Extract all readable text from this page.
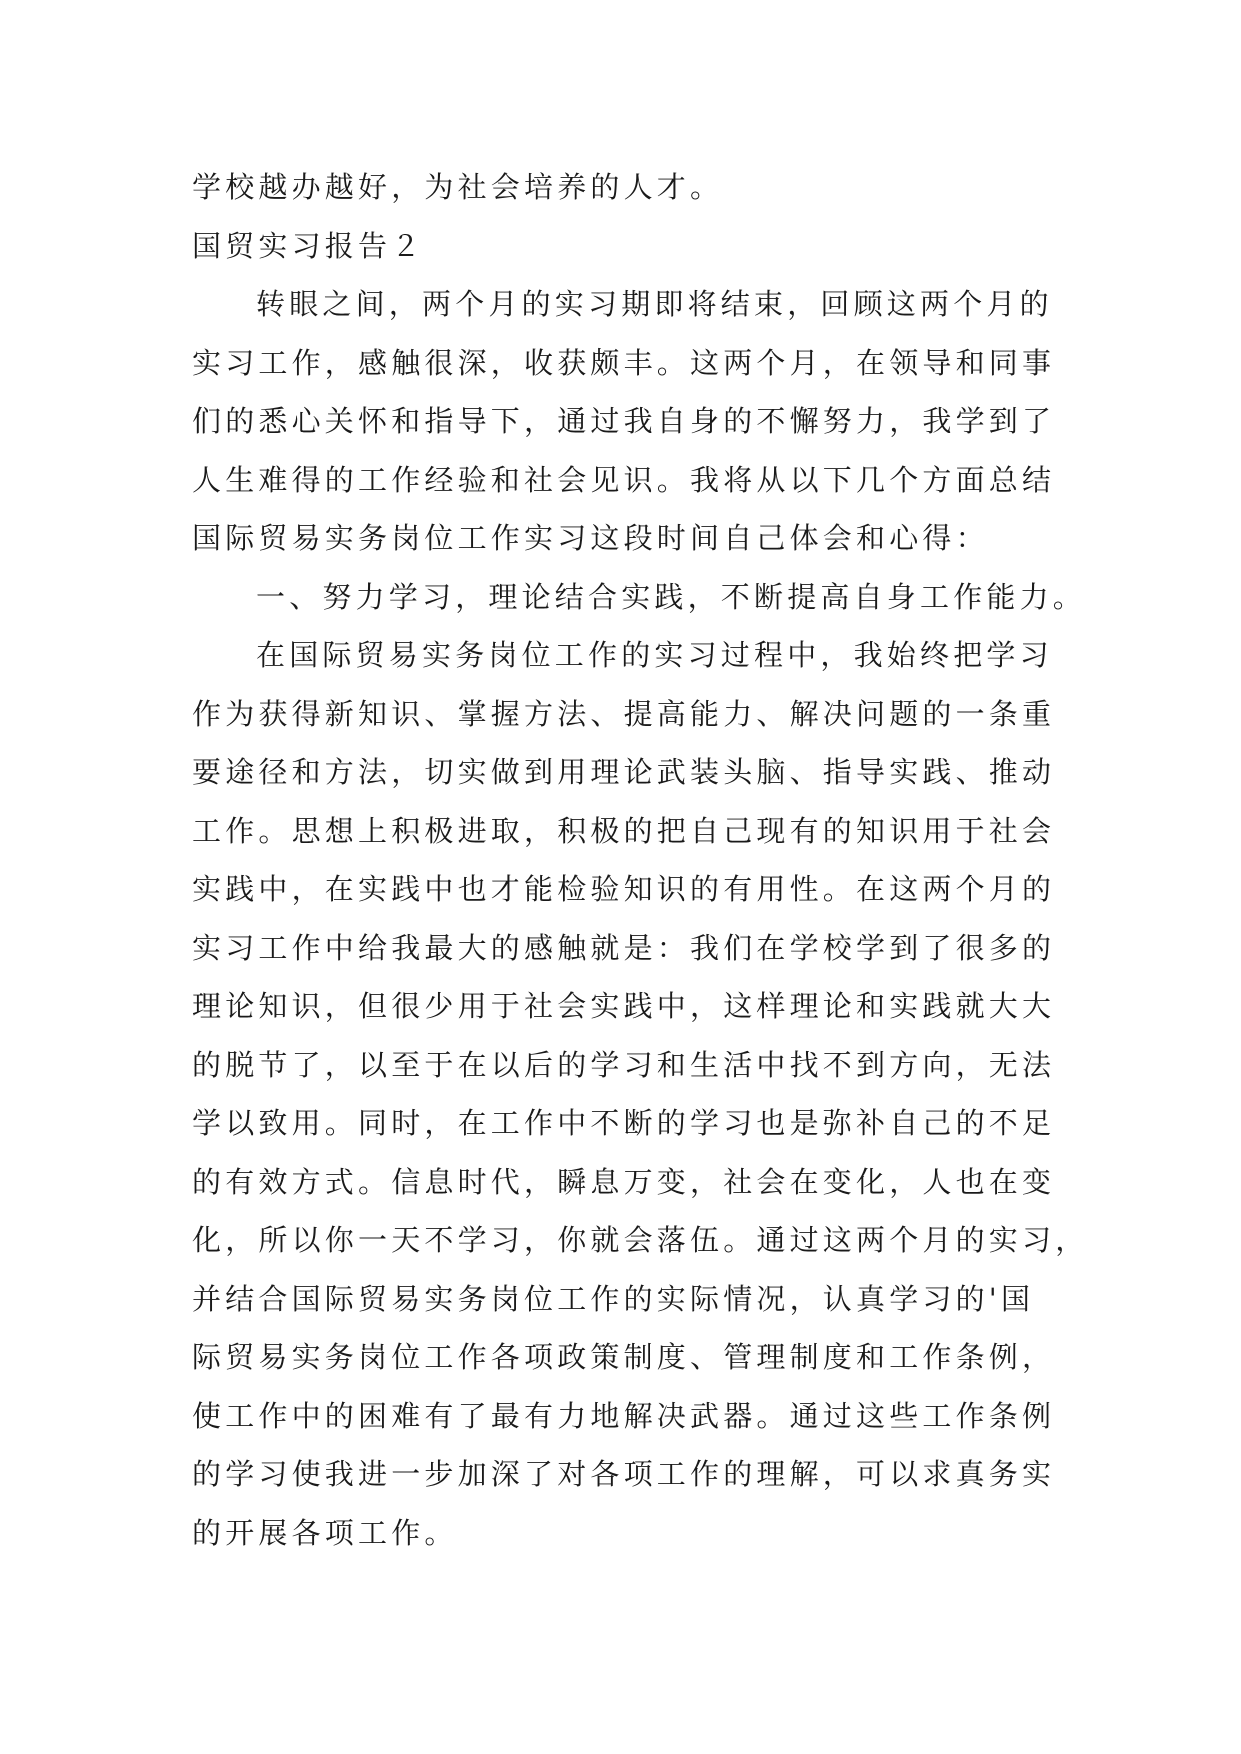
学校越办越好，为社会培养的人才。
国贸实习报告２
转眼之间，两个月的实习期即将结束，回顾这两个月的
实习工作，感触很深，收获颇丰。这两个月，在领导和同事
们的悉心关怀和指导下，通过我自身的不懈努力，我学到了
人生难得的工作经验和社会见识。我将从以下几个方面总结
国际贸易实务岗位工作实习这段时间自己体会和心得：
一、努力学习，理论结合实践，不断提高自身工作能力。
在国际贸易实务岗位工作的实习过程中，我始终把学习
作为获得新知识、掌握方法、提高能力、解决问题的一条重
要途径和方法，切实做到用理论武装头脑、指导实践、推动
工作。思想上积极进取，积极的把自己现有的知识用于社会
实践中，在实践中也才能检验知识的有用性。在这两个月的
实习工作中给我最大的感触就是：我们在学校学到了很多的
理论知识，但很少用于社会实践中，这样理论和实践就大大
的脱节了，以至于在以后的学习和生活中找不到方向，无法
学以致用。同时，在工作中不断的学习也是弥补自己的不足
的有效方式。信息时代，瞬息万变，社会在变化，人也在变
化，所以你一天不学习，你就会落伍。通过这两个月的实习，
并结合国际贸易实务岗位工作的实际情况，认真学习的'国
际贸易实务岗位工作各项政策制度、管理制度和工作条例，
使工作中的困难有了最有力地解决武器。通过这些工作条例
的学习使我进一步加深了对各项工作的理解，可以求真务实
的开展各项工作。
